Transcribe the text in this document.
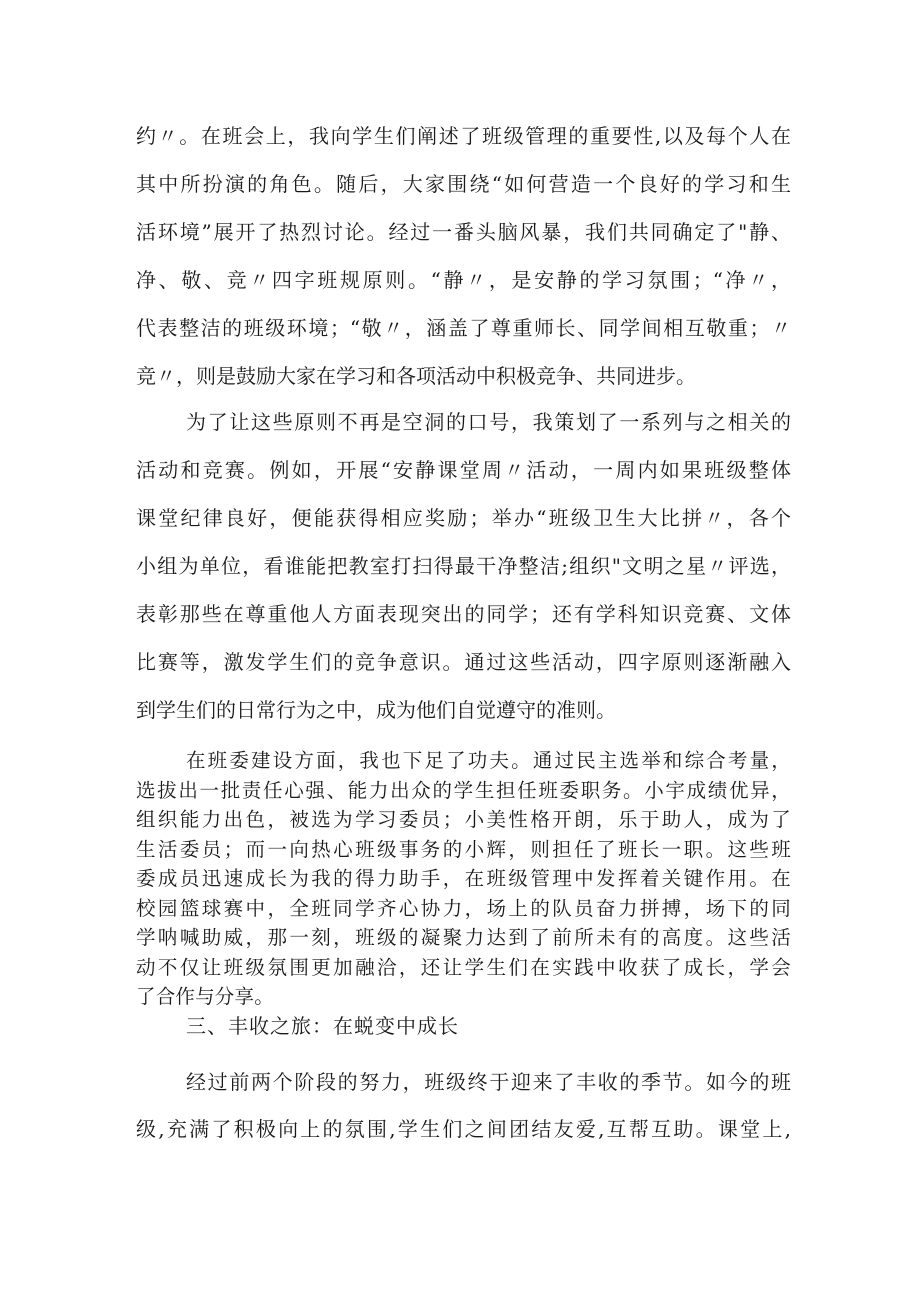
约〃。在班会上，我向学生们阐述了班级管理的重要性,以及每个人在
其中所扮演的角色。随后，大家围绕“如何营造一个良好的学习和生
活环境”展开了热烈讨论。经过一番头脑风暴，我们共同确定了"静、
净、敬、竞〃四字班规原则。“静〃，是安静的学习氛围；“净〃，
代表整洁的班级环境；“敬〃，涵盖了尊重师长、同学间相互敬重；〃
竞〃，则是鼓励大家在学习和各项活动中积极竞争、共同进步。

为了让这些原则不再是空洞的口号，我策划了一系列与之相关的
活动和竞赛。例如，开展“安静课堂周〃活动，一周内如果班级整体
课堂纪律良好，便能获得相应奖励；举办“班级卫生大比拼〃，各个
小组为单位，看谁能把教室打扫得最干净整洁;组织"文明之星〃评选，
表彰那些在尊重他人方面表现突出的同学；还有学科知识竞赛、文体
比赛等，激发学生们的竞争意识。通过这些活动，四字原则逐渐融入
到学生们的日常行为之中，成为他们自觉遵守的准则。

在班委建设方面，我也下足了功夫。通过民主选举和综合考量，
选拔出一批责任心强、能力出众的学生担任班委职务。小宇成绩优异，
组织能力出色，被选为学习委员；小美性格开朗，乐于助人，成为了
生活委员；而一向热心班级事务的小辉，则担任了班长一职。这些班
委成员迅速成长为我的得力助手，在班级管理中发挥着关键作用。在
校园篮球赛中，全班同学齐心协力，场上的队员奋力拼搏，场下的同
学呐喊助威，那一刻，班级的凝聚力达到了前所未有的高度。这些活
动不仅让班级氛围更加融洽，还让学生们在实践中收获了成长，学会
了合作与分享。

三、丰收之旅：在蜕变中成长

经过前两个阶段的努力，班级终于迎来了丰收的季节。如今的班
级,充满了积极向上的氛围,学生们之间团结友爱,互帮互助。课堂上,
